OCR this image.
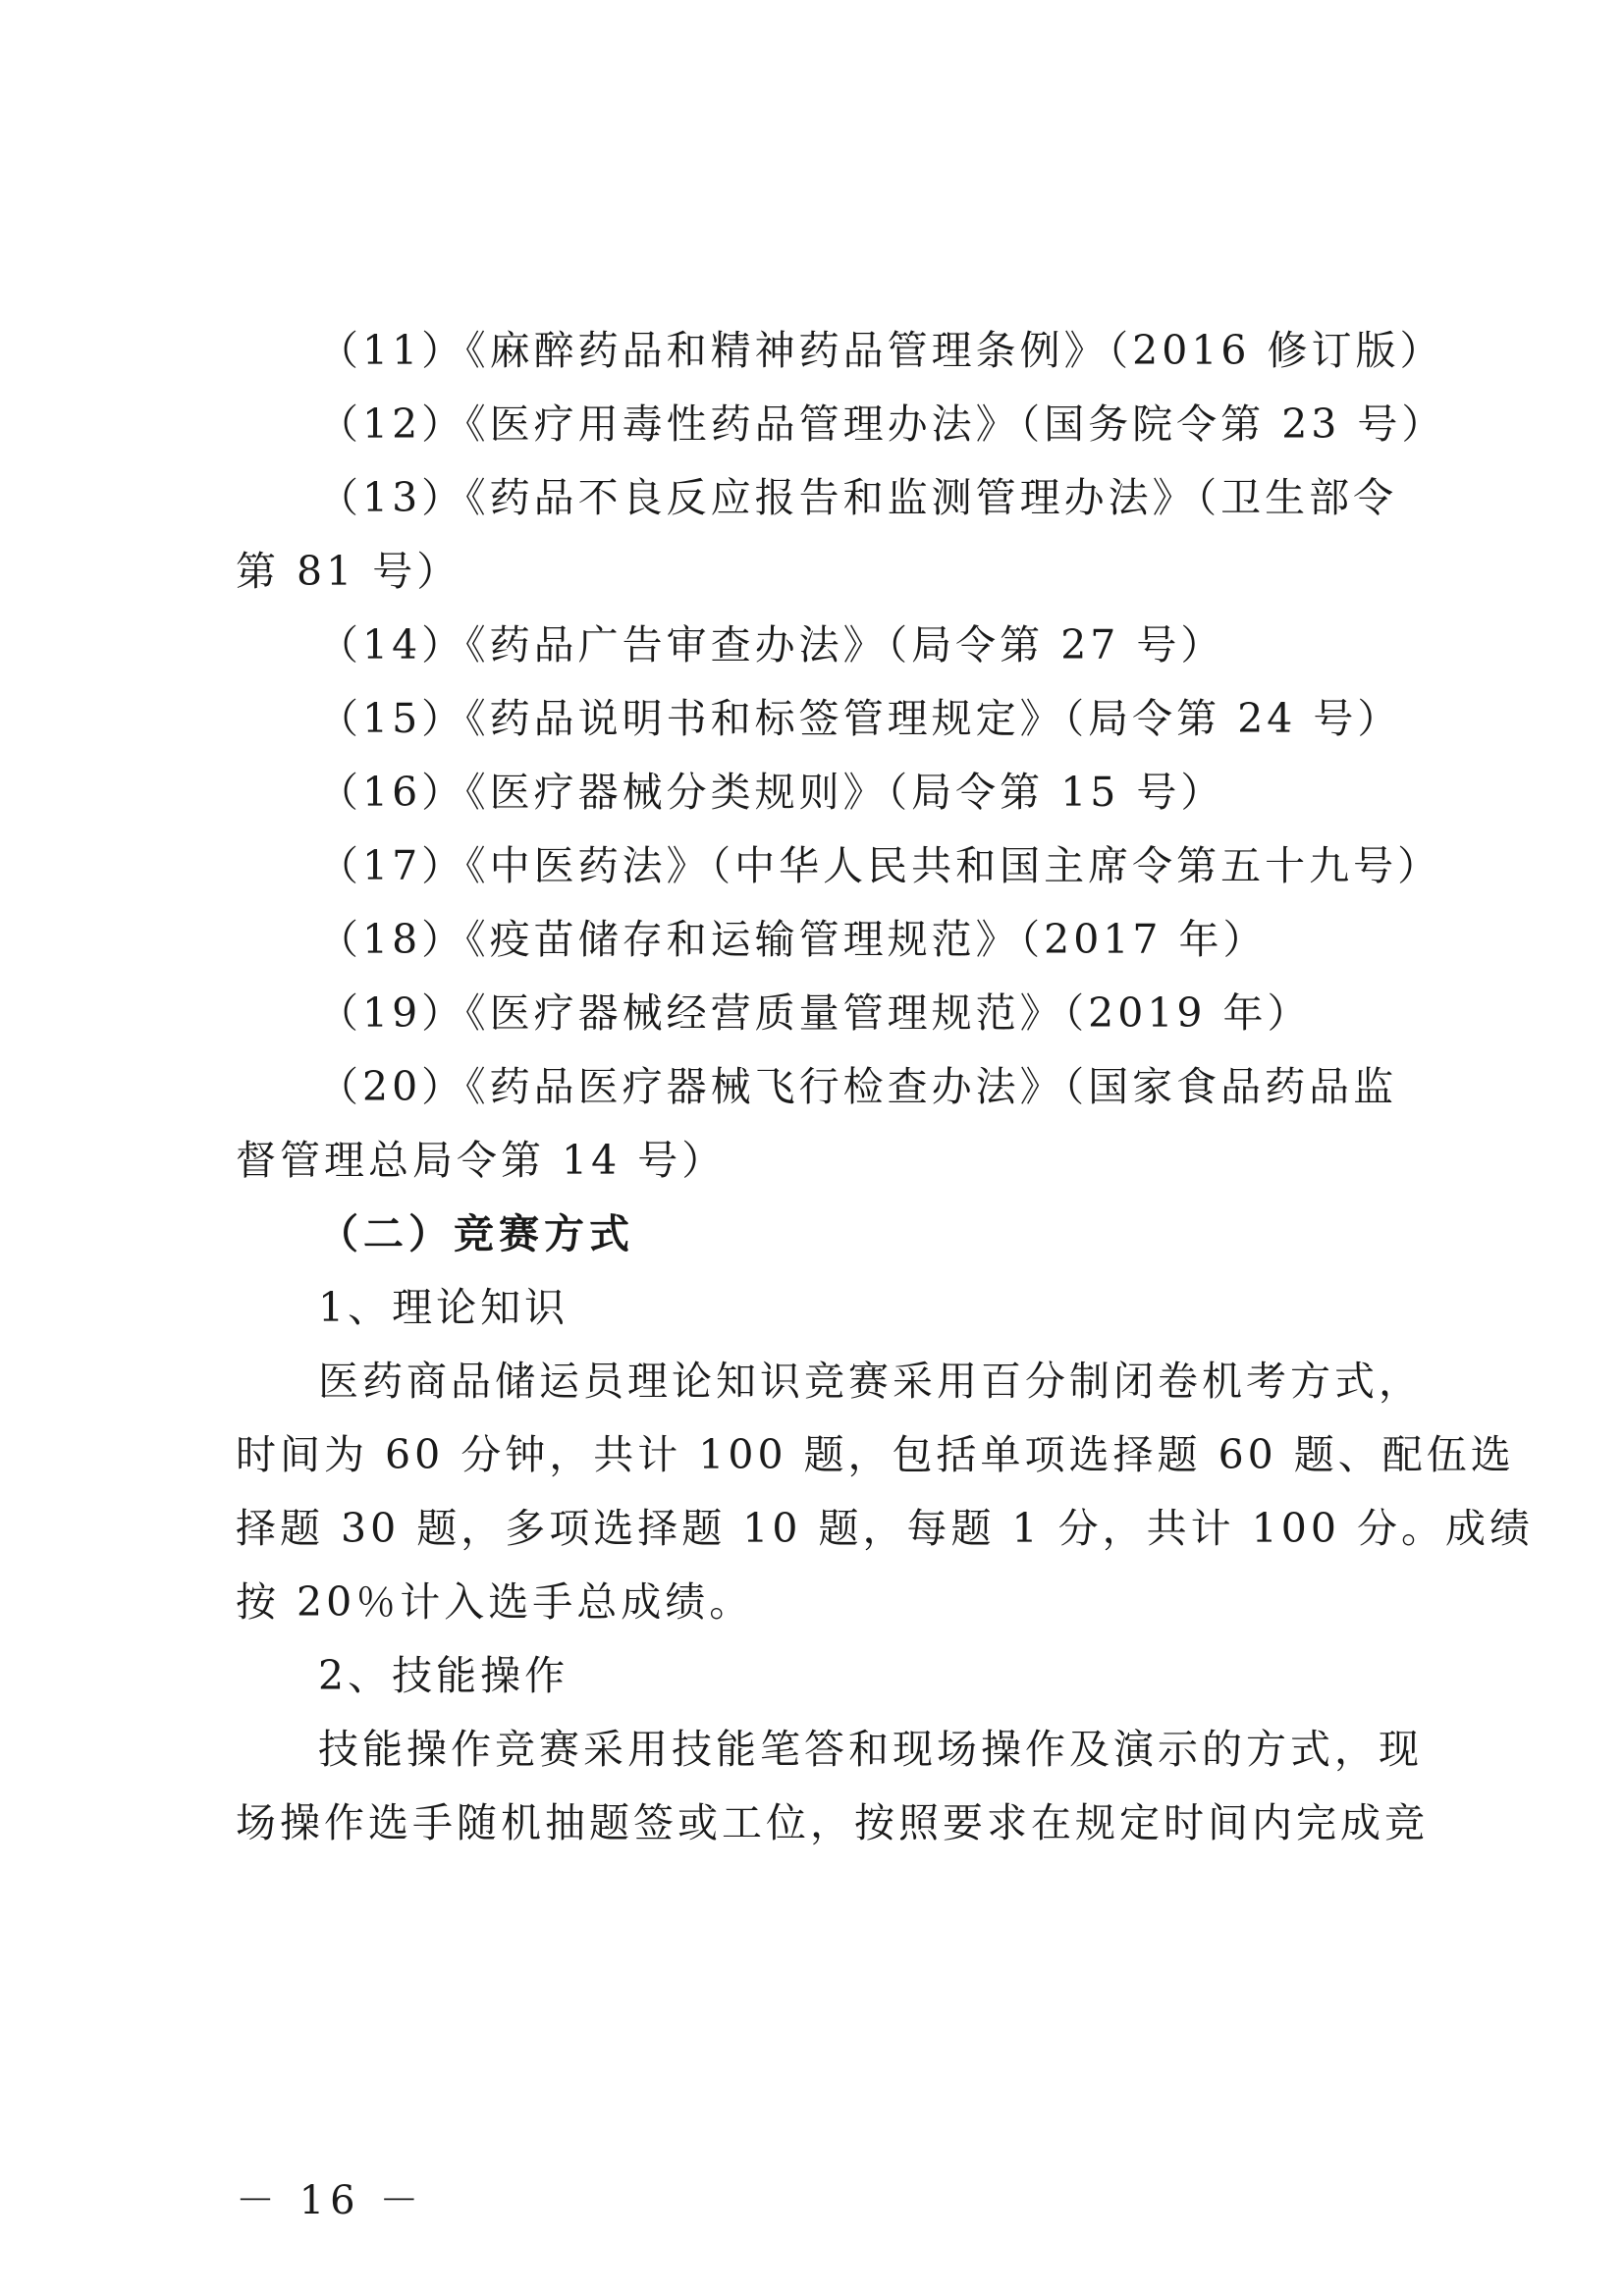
（11）《麻醉药品和精神药品管理条例》（2016 修订版）
（12）《医疗用毒性药品管理办法》（国务院令第 23 号）
（13）《药品不良反应报告和监测管理办法》（卫生部令
第 81 号）
（14）《药品广告审查办法》（局令第 27 号）
（15）《药品说明书和标签管理规定》（局令第 24 号）
（16）《医疗器械分类规则》（局令第 15 号）
（17）《中医药法》（中华人民共和国主席令第五十九号）
（18）《疫苗储存和运输管理规范》（2017 年）
（19）《医疗器械经营质量管理规范》（2019 年）
（20）《药品医疗器械飞行检查办法》（国家食品药品监
督管理总局令第 14 号）
（二）竞赛方式
1、理论知识
医药商品储运员理论知识竞赛采用百分制闭卷机考方式，
时间为 60 分钟，共计 100 题，包括单项选择题 60 题、配伍选
择题 30 题，多项选择题 10 题，每题 1 分，共计 100 分。成绩
按 20％计入选手总成绩。
2、技能操作
技能操作竞赛采用技能笔答和现场操作及演示的方式，现
场操作选手随机抽题签或工位，按照要求在规定时间内完成竞
－ 16 －
